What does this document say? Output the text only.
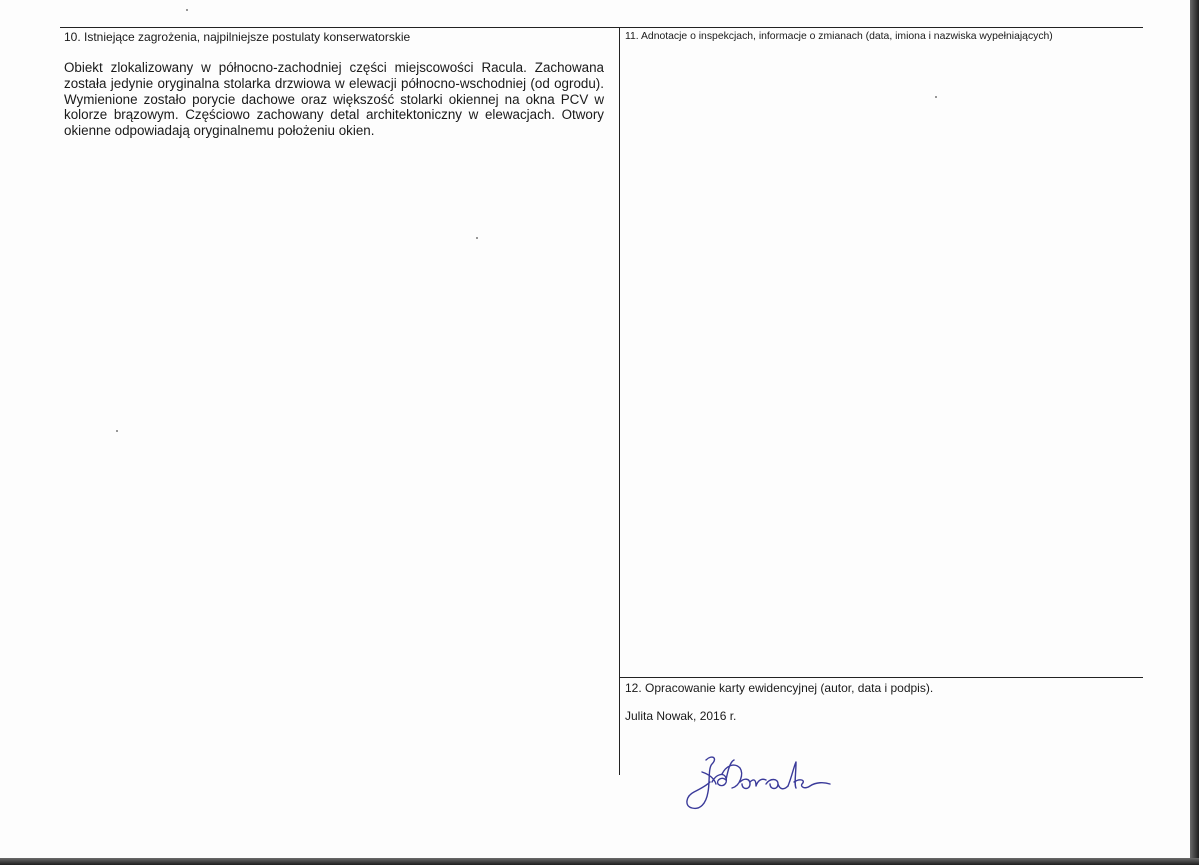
10. Istniejące zagrożenia, najpilniejsze postulaty konserwatorskie
Obiekt zlokalizowany w północno-zachodniej części miejscowości Racula. Zachowana została jedynie oryginalna stolarka drzwiowa w elewacji północno-wschodniej (od ogrodu). Wymienione zostało porycie dachowe oraz większość stolarki okiennej na okna PCV w kolorze brązowym. Częściowo zachowany detal architektoniczny w elewacjach. Otwory okienne odpowiadają oryginalnemu położeniu okien.
11. Adnotacje o inspekcjach, informacje o zmianach (data, imiona i nazwiska wypełniających)
12. Opracowanie karty ewidencyjnej (autor, data i podpis).
Julita Nowak, 2016 r.
